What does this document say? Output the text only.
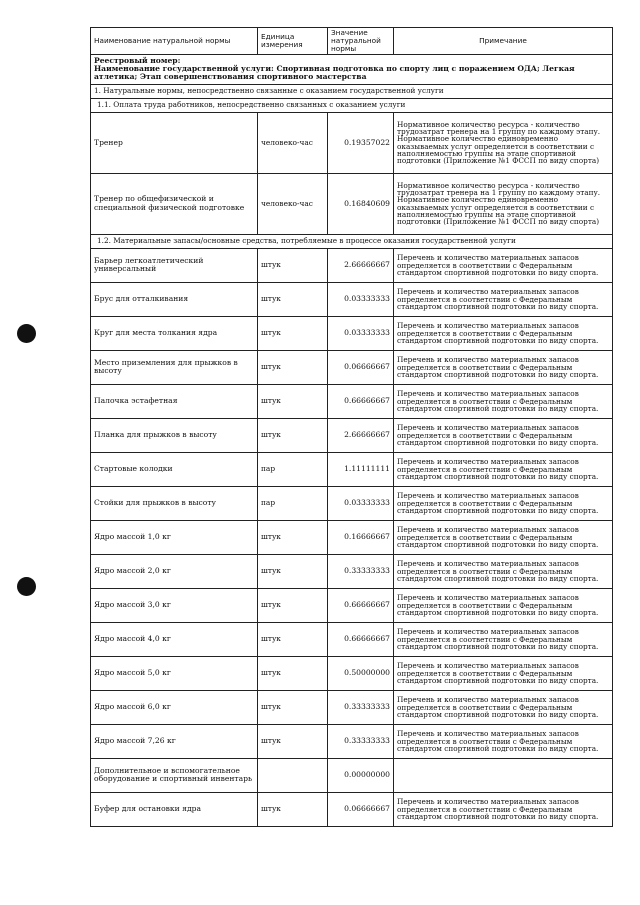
Наименование натуральной нормы	Единица измерения	Значение натуральной нормы	Примечание

Реестровый номер:
Наименование государственной услуги: Спортивная подготовка по спорту лиц с поражением ОДА; Легкая атлетика; Этап совершенствования спортивного мастерства			

1. Натуральные нормы, непосредственно связанные с оказанием государственной услуги			
1.1. Оплата труда работников, непосредственно связанных с оказанием услуги			
Тренер	человеко-час	0.19357022	Нормативное количество ресурса - количество трудозатрат тренера на 1 группу по каждому этапу. Нормативное количество единовременно оказываемых услуг определяется в соответствии с наполняемостью группы на этапе спортивной подготовки (Приложение №1 ФССП по виду спорта)
Тренер по общефизической и специальной физической подготовке	человеко-час	0.16840609	Нормативное количество ресурса - количество трудозатрат тренера на 1 группу по каждому этапу. Нормативное количество единовременно оказываемых услуг определяется в соответствии с наполняемостью группы на этапе спортивной подготовки (Приложение №1 ФССП по виду спорта)
1.2. Материальные запасы/основные средства, потребляемые в процессе оказания государственной услуги			
Барьер легкоатлетический универсальный	штук	2.66666667	Перечень и количество материальных запасов определяется в соответствии с Федеральным стандартом спортивной подготовки по виду спорта.
Брус для отталкивания	штук	0.03333333	Перечень и количество материальных запасов определяется в соответствии с Федеральным стандартом спортивной подготовки по виду спорта.
Круг для места толкания ядра	штук	0.03333333	Перечень и количество материальных запасов определяется в соответствии с Федеральным стандартом спортивной подготовки по виду спорта.
Место приземления для прыжков в высоту	штук	0.06666667	Перечень и количество материальных запасов определяется в соответствии с Федеральным стандартом спортивной подготовки по виду спорта.
Палочка эстафетная	штук	0.66666667	Перечень и количество материальных запасов определяется в соответствии с Федеральным стандартом спортивной подготовки по виду спорта.
Планка для прыжков в высоту	штук	2.66666667	Перечень и количество материальных запасов определяется в соответствии с Федеральным стандартом спортивной подготовки по виду спорта.
Стартовые колодки	пар	1.11111111	Перечень и количество материальных запасов определяется в соответствии с Федеральным стандартом спортивной подготовки по виду спорта.
Стойки для прыжков в высоту	пар	0.03333333	Перечень и количество материальных запасов определяется в соответствии с Федеральным стандартом спортивной подготовки по виду спорта.
Ядро массой 1,0 кг	штук	0.16666667	Перечень и количество материальных запасов определяется в соответствии с Федеральным стандартом спортивной подготовки по виду спорта.
Ядро массой 2,0 кг	штук	0.33333333	Перечень и количество материальных запасов определяется в соответствии с Федеральным стандартом спортивной подготовки по виду спорта.
Ядро массой 3,0 кг	штук	0.66666667	Перечень и количество материальных запасов определяется в соответствии с Федеральным стандартом спортивной подготовки по виду спорта.
Ядро массой 4,0 кг	штук	0.66666667	Перечень и количество материальных запасов определяется в соответствии с Федеральным стандартом спортивной подготовки по виду спорта.
Ядро массой 5,0 кг	штук	0.50000000	Перечень и количество материальных запасов определяется в соответствии с Федеральным стандартом спортивной подготовки по виду спорта.
Ядро массой 6,0 кг	штук	0.33333333	Перечень и количество материальных запасов определяется в соответствии с Федеральным стандартом спортивной подготовки по виду спорта.
Ядро массой 7,26 кг	штук	0.33333333	Перечень и количество материальных запасов определяется в соответствии с Федеральным стандартом спортивной подготовки по виду спорта.
Дополнительное и вспомогательное оборудование и спортивный инвентарь		0.00000000	
Буфер для остановки ядра	штук	0.06666667	Перечень и количество материальных запасов определяется в соответствии с Федеральным стандартом спортивной подготовки по виду спорта.
